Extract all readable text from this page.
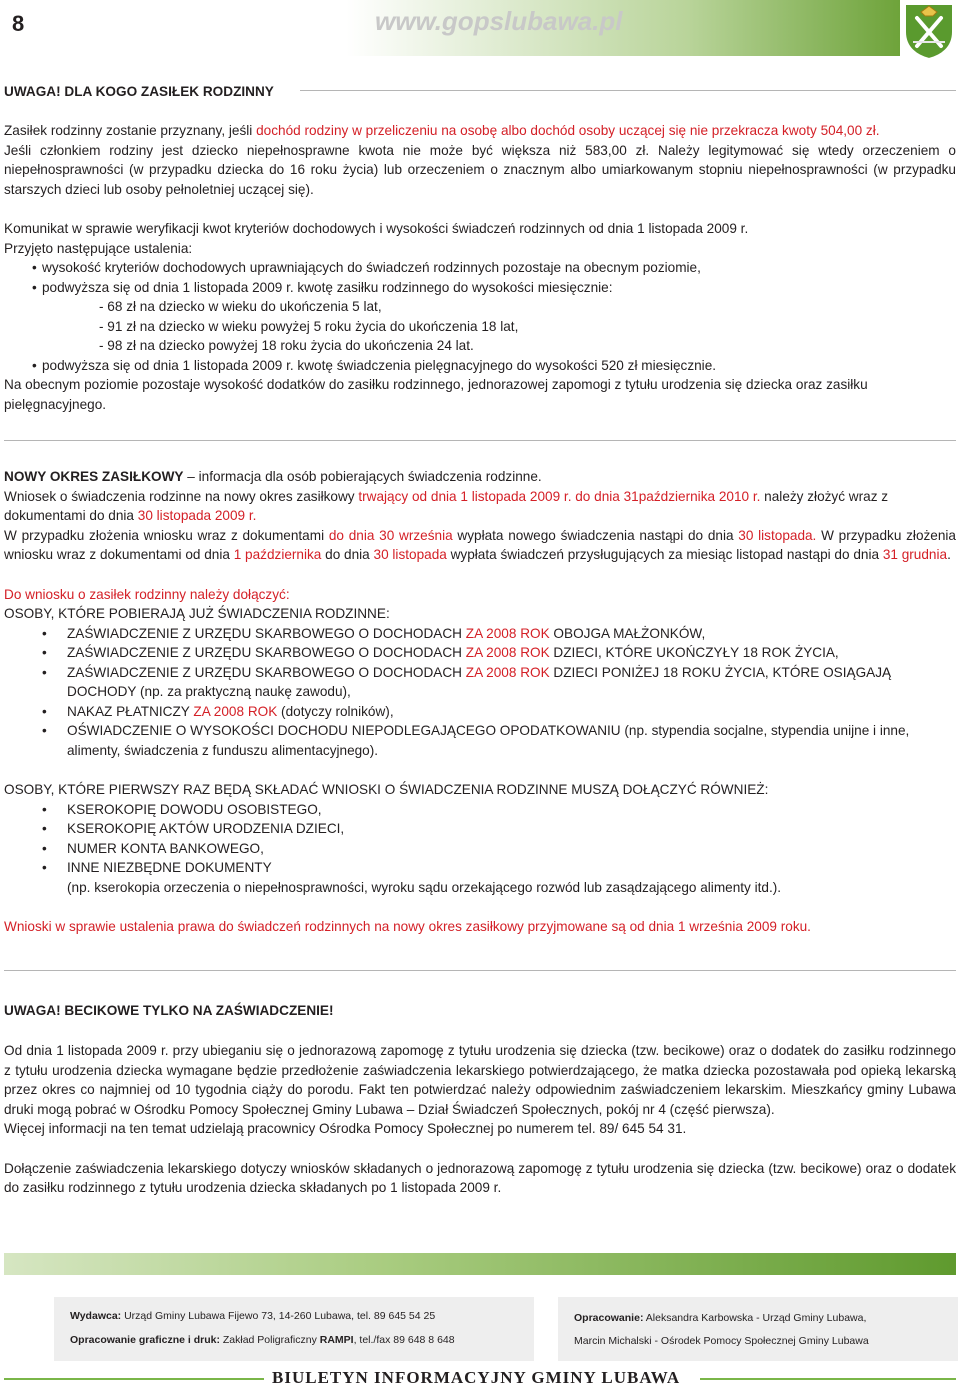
8	www.gopslubawa.pl
UWAGA! DLA KOGO ZASIŁEK RODZINNY

Zasiłek rodzinny zostanie przyznany, jeśli dochód rodziny w przeliczeniu na osobę albo dochód osoby uczącej się nie przekracza kwoty 504,00 zł.

Jeśli członkiem rodziny jest dziecko niepełnosprawne kwota nie może być większa niż 583,00 zł. Należy legitymować się wtedy orzeczeniem o niepełnosprawności (w przypadku dziecka do 16 roku życia) lub orzeczeniem o znacznym albo umiarkowanym stopniu niepełnosprawności (w przypadku starszych dzieci lub osoby pełnoletniej uczącej się).

Komunikat w sprawie weryfikacji kwot kryteriów dochodowych i wysokości świadczeń rodzinnych od dnia 1 listopada 2009 r.

Przyjęto następujące ustalenia:

• wysokość kryteriów dochodowych uprawniających do świadczeń rodzinnych pozostaje na obecnym poziomie,
• podwyższa się od dnia 1 listopada 2009 r. kwotę zasiłku rodzinnego do wysokości miesięcznie:
- 68 zł na dziecko w wieku do ukończenia 5 lat,
- 91 zł na dziecko w wieku powyżej 5 roku życia do ukończenia 18 lat,
- 98 zł na dziecko powyżej 18 roku życia do ukończenia 24 lat.
• podwyższa się od dnia 1 listopada 2009 r. kwotę świadczenia pielęgnacyjnego do wysokości 520 zł miesięcznie.

Na obecnym poziomie pozostaje wysokość dodatków do zasiłku rodzinnego, jednorazowej zapomogi z tytułu urodzenia się dziecka oraz zasiłku pielęgnacyjnego.

NOWY OKRES ZASIŁKOWY – informacja dla osób pobierających świadczenia rodzinne.

Wniosek o świadczenia rodzinne na nowy okres zasiłkowy trwający od dnia 1 listopada 2009 r. do dnia 31października 2010 r. należy złożyć wraz z dokumentami do dnia 30 listopada 2009 r.

W przypadku złożenia wniosku wraz z dokumentami do dnia 30 września wypłata nowego świadczenia nastąpi do dnia 30 listopada. W przypadku złożenia wniosku wraz z dokumentami od dnia 1 października do dnia 30 listopada wypłata świadczeń przysługujących za miesiąc listopad nastąpi do dnia 31 grudnia.

Do wniosku o zasiłek rodzinny należy dołączyć:

OSOBY, KTÓRE POBIERAJĄ JUŻ ŚWIADCZENIA RODZINNE:

• ZAŚWIADCZENIE Z URZĘDU SKARBOWEGO O DOCHODACH ZA 2008 ROK OBOJGA MAŁŻONKÓW,
• ZAŚWIADCZENIE Z URZĘDU SKARBOWEGO O DOCHODACH ZA 2008 ROK DZIECI, KTÓRE UKOŃCZYŁY 18 ROK ŻYCIA,
• ZAŚWIADCZENIE Z URZĘDU SKARBOWEGO O DOCHODACH ZA 2008 ROK DZIECI PONIŻEJ 18 ROKU ŻYCIA, KTÓRE OSIĄGAJĄ DOCHODY (np. za praktyczną naukę zawodu),
• NAKAZ PŁATNICZY ZA 2008 ROK (dotyczy rolników),
• OŚWIADCZENIE O WYSOKOŚCI DOCHODU NIEPODLEGAJĄCEGO OPODATKOWANIU (np. stypendia socjalne, stypendia unijne i inne, alimenty, świadczenia z funduszu alimentacyjnego).

OSOBY, KTÓRE PIERWSZY RAZ BĘDĄ SKŁADAĆ WNIOSKI O ŚWIADCZENIA RODZINNE MUSZĄ DOŁĄCZYĆ RÓWNIEŻ:

• KSEROKOPIĘ DOWODU OSOBISTEGO,
• KSEROKOPIĘ AKTÓW URODZENIA DZIECI,
• NUMER KONTA BANKOWEGO,
• INNE NIEZBĘDNE DOKUMENTY

(np. kserokopia orzeczenia o niepełnosprawności, wyroku sądu orzekającego rozwód lub zasądzającego alimenty itd.).

Wnioski w sprawie ustalenia prawa do świadczeń rodzinnych na nowy okres zasiłkowy przyjmowane są od dnia 1 września 2009 roku.

UWAGA! BECIKOWE TYLKO NA ZAŚWIADCZENIE!

Od dnia 1 listopada 2009 r. przy ubieganiu się o jednorazową zapomogę z tytułu urodzenia się dziecka (tzw. becikowe) oraz o dodatek do zasiłku rodzinnego z tytułu urodzenia dziecka wymagane będzie przedłożenie zaświadczenia lekarskiego potwierdzającego, że matka dziecka pozostawała pod opieką lekarską przez okres co najmniej od 10 tygodnia ciąży do porodu. Fakt ten potwierdzać należy odpowiednim zaświadczeniem lekarskim. Mieszkańcy gminy Lubawa druki mogą pobrać w Ośrodku Pomocy Społecznej Gminy Lubawa – Dział Świadczeń Społecznych, pokój nr 4 (część pierwsza).

Więcej informacji na ten temat udzielają pracownicy Ośrodka Pomocy Społecznej po numerem tel. 89/ 645 54 31.

Dołączenie zaświadczenia lekarskiego dotyczy wniosków składanych o jednorazową zapomogę z tytułu urodzenia się dziecka (tzw. becikowe) oraz o dodatek do zasiłku rodzinnego z tytułu urodzenia dziecka składanych po 1 listopada 2009 r.

Wydawca: Urząd Gminy Lubawa Fijewo 73, 14-260 Lubawa, tel. 89 645 54 25
Opracowanie graficzne i druk: Zakład Poligraficzny RAMPI, tel./fax 89 648 8 648
Opracowanie: Aleksandra Karbowska - Urząd Gminy Lubawa,
Marcin Michalski - Ośrodek Pomocy Społecznej Gminy Lubawa
BIULETYN INFORMACYJNY GMINY LUBAWA
